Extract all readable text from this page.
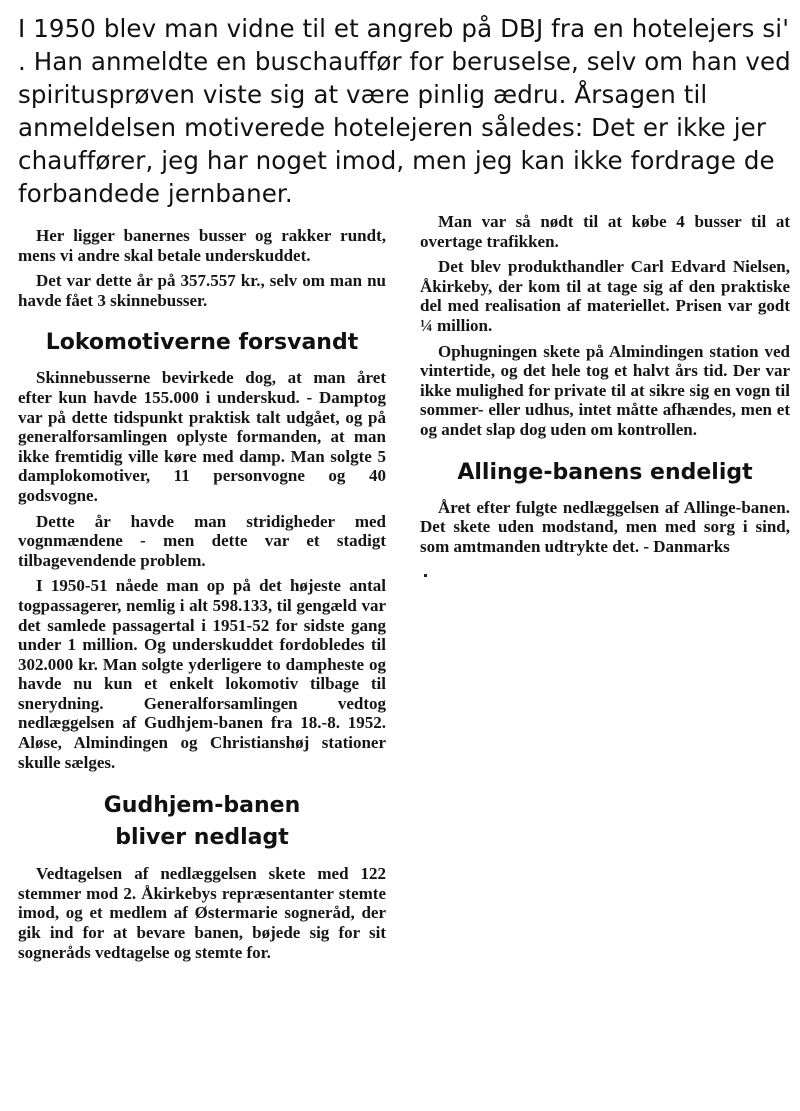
I 1950 blev man vidne til et angreb på DBJ fra en hotelejers si' . Han anmeldte en buschauffør for beruselse, selv om han ved spiritusprøven viste sig at være pinlig ædru. Årsagen til anmeldelsen motiverede hotelejeren således: Det er ikke jer chauffører, jeg har noget imod, men jeg kan ikke fordrage de forbandede jernbaner.

Her ligger banernes busser og rakker rundt, mens vi andre skal betale underskuddet.

Det var dette år på 357.557 kr., selv om man nu havde fået 3 skinnebusser.

Lokomotiverne forsvandt

Skinnebusserne bevirkede dog, at man året efter kun havde 155.000 i underskud. - Damptog var på dette tidspunkt praktisk talt udgået, og på generalforsamlingen oplyste formanden, at man ikke fremtidig ville køre med damp. Man solgte 5 damplokomotiver, 11 personvogne og 40 godsvogne.

Dette år havde man stridigheder med vognmændene - men dette var et stadigt tilbagevendende problem.

I 1950-51 nåede man op på det højeste antal togpassagerer, nemlig i alt 598.133, til gengæld var det samlede passagertal i 1951-52 for sidste gang under 1 million. Og underskuddet fordobledes til 302.000 kr. Man solgte yderligere to dampheste og havde nu kun et enkelt lokomotiv tilbage til snerydning. Generalforsamlingen vedtog nedlæggelsen af Gudhjem-banen fra 18.-8. 1952. Aløse, Almindingen og Christianshøj stationer skulle sælges.

Gudhjem-banen
bliver nedlagt

Vedtagelsen af nedlæggelsen skete med 122 stemmer mod 2. Åkirkebys repræsentanter stemte imod, og et medlem af Østermarie sogneråd, der gik ind for at bevare banen, bøjede sig for sit sogneråds vedtagelse og stemte for.

Man var så nødt til at købe 4 busser til at overtage trafikken.

Det blev produkthandler Carl Edvard Nielsen, Åkirkeby, der kom til at tage sig af den praktiske del med realisation af materiellet. Prisen var godt ¼ million.

Ophugningen skete på Almindingen station ved vintertide, og det hele tog et halvt års tid. Der var ikke mulighed for private til at sikre sig en vogn til sommer- eller udhus, intet måtte afhændes, men et og andet slap dog uden om kontrollen.

Allinge-banens endeligt

Året efter fulgte nedlæggelsen af Allinge-banen. Det skete uden modstand, men med sorg i sind, som amtmanden udtrykte det. - Danmarks
